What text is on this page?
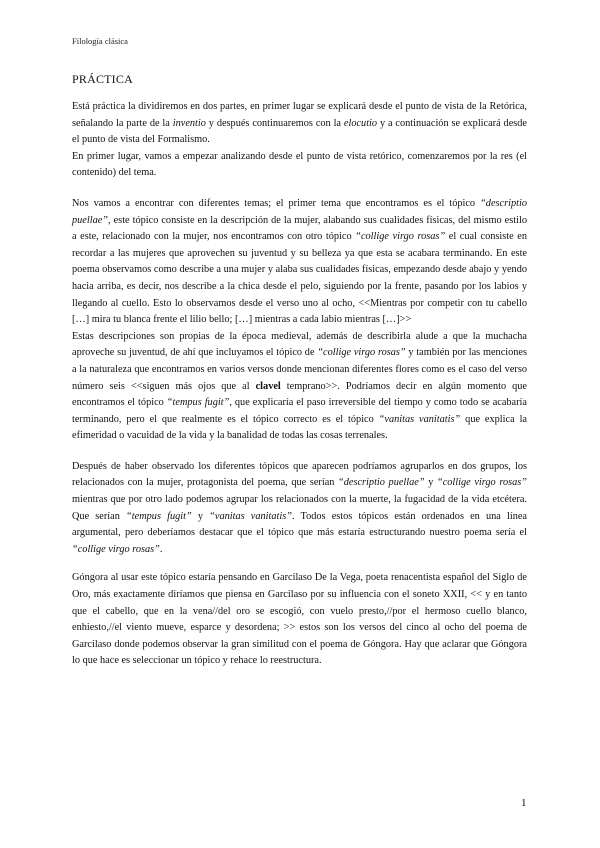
Filología clásica
PRÁCTICA

Está práctica la dividiremos en dos partes, en primer lugar se explicará desde el punto de vista de la Retórica, señalando la parte de la inventio y después continuaremos con la elocutio y a continuación se explicará desde el punto de vista del Formalismo.

En primer lugar, vamos a empezar analizando desde el punto de vista retórico, comenzaremos por la res (el contenido) del tema.

Nos vamos a encontrar con diferentes temas; el primer tema que encontramos es el tópico “descriptio puellae”, este tópico consiste en la descripción de la mujer, alabando sus cualidades físicas, del mismo estilo a este, relacionado con la mujer, nos encontramos con otro tópico “collige virgo rosas” el cual consiste en recordar a las mujeres que aprovechen su juventud y su belleza ya que esta se acabara terminando. En este poema observamos como describe a una mujer y alaba sus cualidades físicas, empezando desde abajo y yendo hacia arriba, es decir, nos describe a la chica desde el pelo, siguiendo por la frente, pasando por los labios y llegando al cuello. Esto lo observamos desde el verso uno al ocho, <<Mientras por competir con tu cabello […] mira tu blanca frente el lilio bello; […] mientras a cada labio mientras […]>>

Estas descripciones son propias de la época medieval, además de describirla alude a que la muchacha aproveche su juventud, de ahí que incluyamos el tópico de “collige virgo rosas” y también por las menciones a la naturaleza que encontramos en varios versos donde mencionan diferentes flores como es el caso del verso número seis <<siguen más ojos que al clavel temprano>>. Podríamos decir en algún momento que encontramos el tópico “tempus fugit”, que explicaría el paso irreversible del tiempo y como todo se acabaría terminando, pero el que realmente es el tópico correcto es el tópico “vanitas vanitatis” que explica la efimeridad o vacuidad de la vida y la banalidad de todas las cosas terrenales.

Después de haber observado los diferentes tópicos que aparecen podríamos agruparlos en dos grupos, los relacionados con la mujer, protagonista del poema, que serían “descriptio puellae” y “collige virgo rosas” mientras que por otro lado podemos agrupar los relacionados con la muerte, la fugacidad de la vida etcétera. Que serían “tempus fugit” y “vanitas vanitatis”. Todos estos tópicos están ordenados en una línea argumental, pero deberíamos destacar que el tópico que más estaría estructurando nuestro poema sería el “collige virgo rosas”.

Góngora al usar este tópico estaría pensando en Garcilaso De la Vega, poeta renacentista español del Siglo de Oro, más exactamente diríamos que piensa en Garcilaso por su influencia con el soneto XXII, << y en tanto que el cabello, que en la vena//del oro se escogió, con vuelo presto,//por el hermoso cuello blanco, enhiesto,//el viento mueve, esparce y desordena; >> estos son los versos del cinco al ocho del poema de Garcilaso donde podemos observar la gran similitud con el poema de Góngora. Hay que aclarar que Góngora lo que hace es seleccionar un tópico y rehace lo reestructura.

1
